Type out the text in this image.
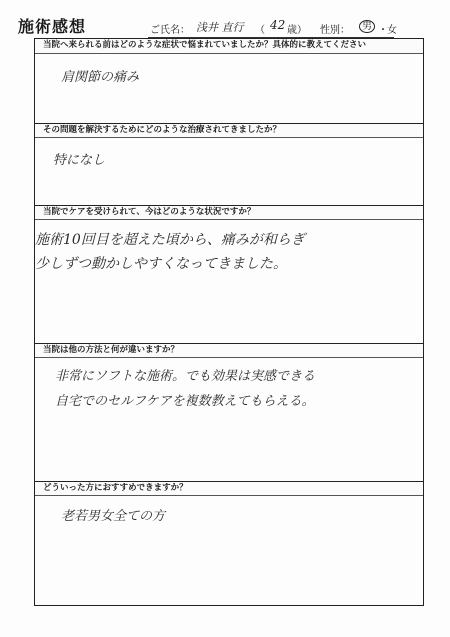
施術感想	ご氏名： 浅井 直行 （ 42 歳） 性別：	男 ・ 女
当院へ来られる前はどのような症状で悩まれていましたか？具体的に教えてください
肩関節の痛み
その問題を解決するためにどのような治療されてきましたか？
特になし
当院でケアを受けられて、今はどのような状況ですか？
施術10回目を超えた頃から、痛みが和らぎ
少しずつ動かしやすくなってきました。
当院は他の方法と何が違いますか？
非常にソフトな施術。でも効果は実感できる
自宅でのセルフケアを複数教えてもらえる。
どういった方におすすめできますか？
老若男女全ての方
